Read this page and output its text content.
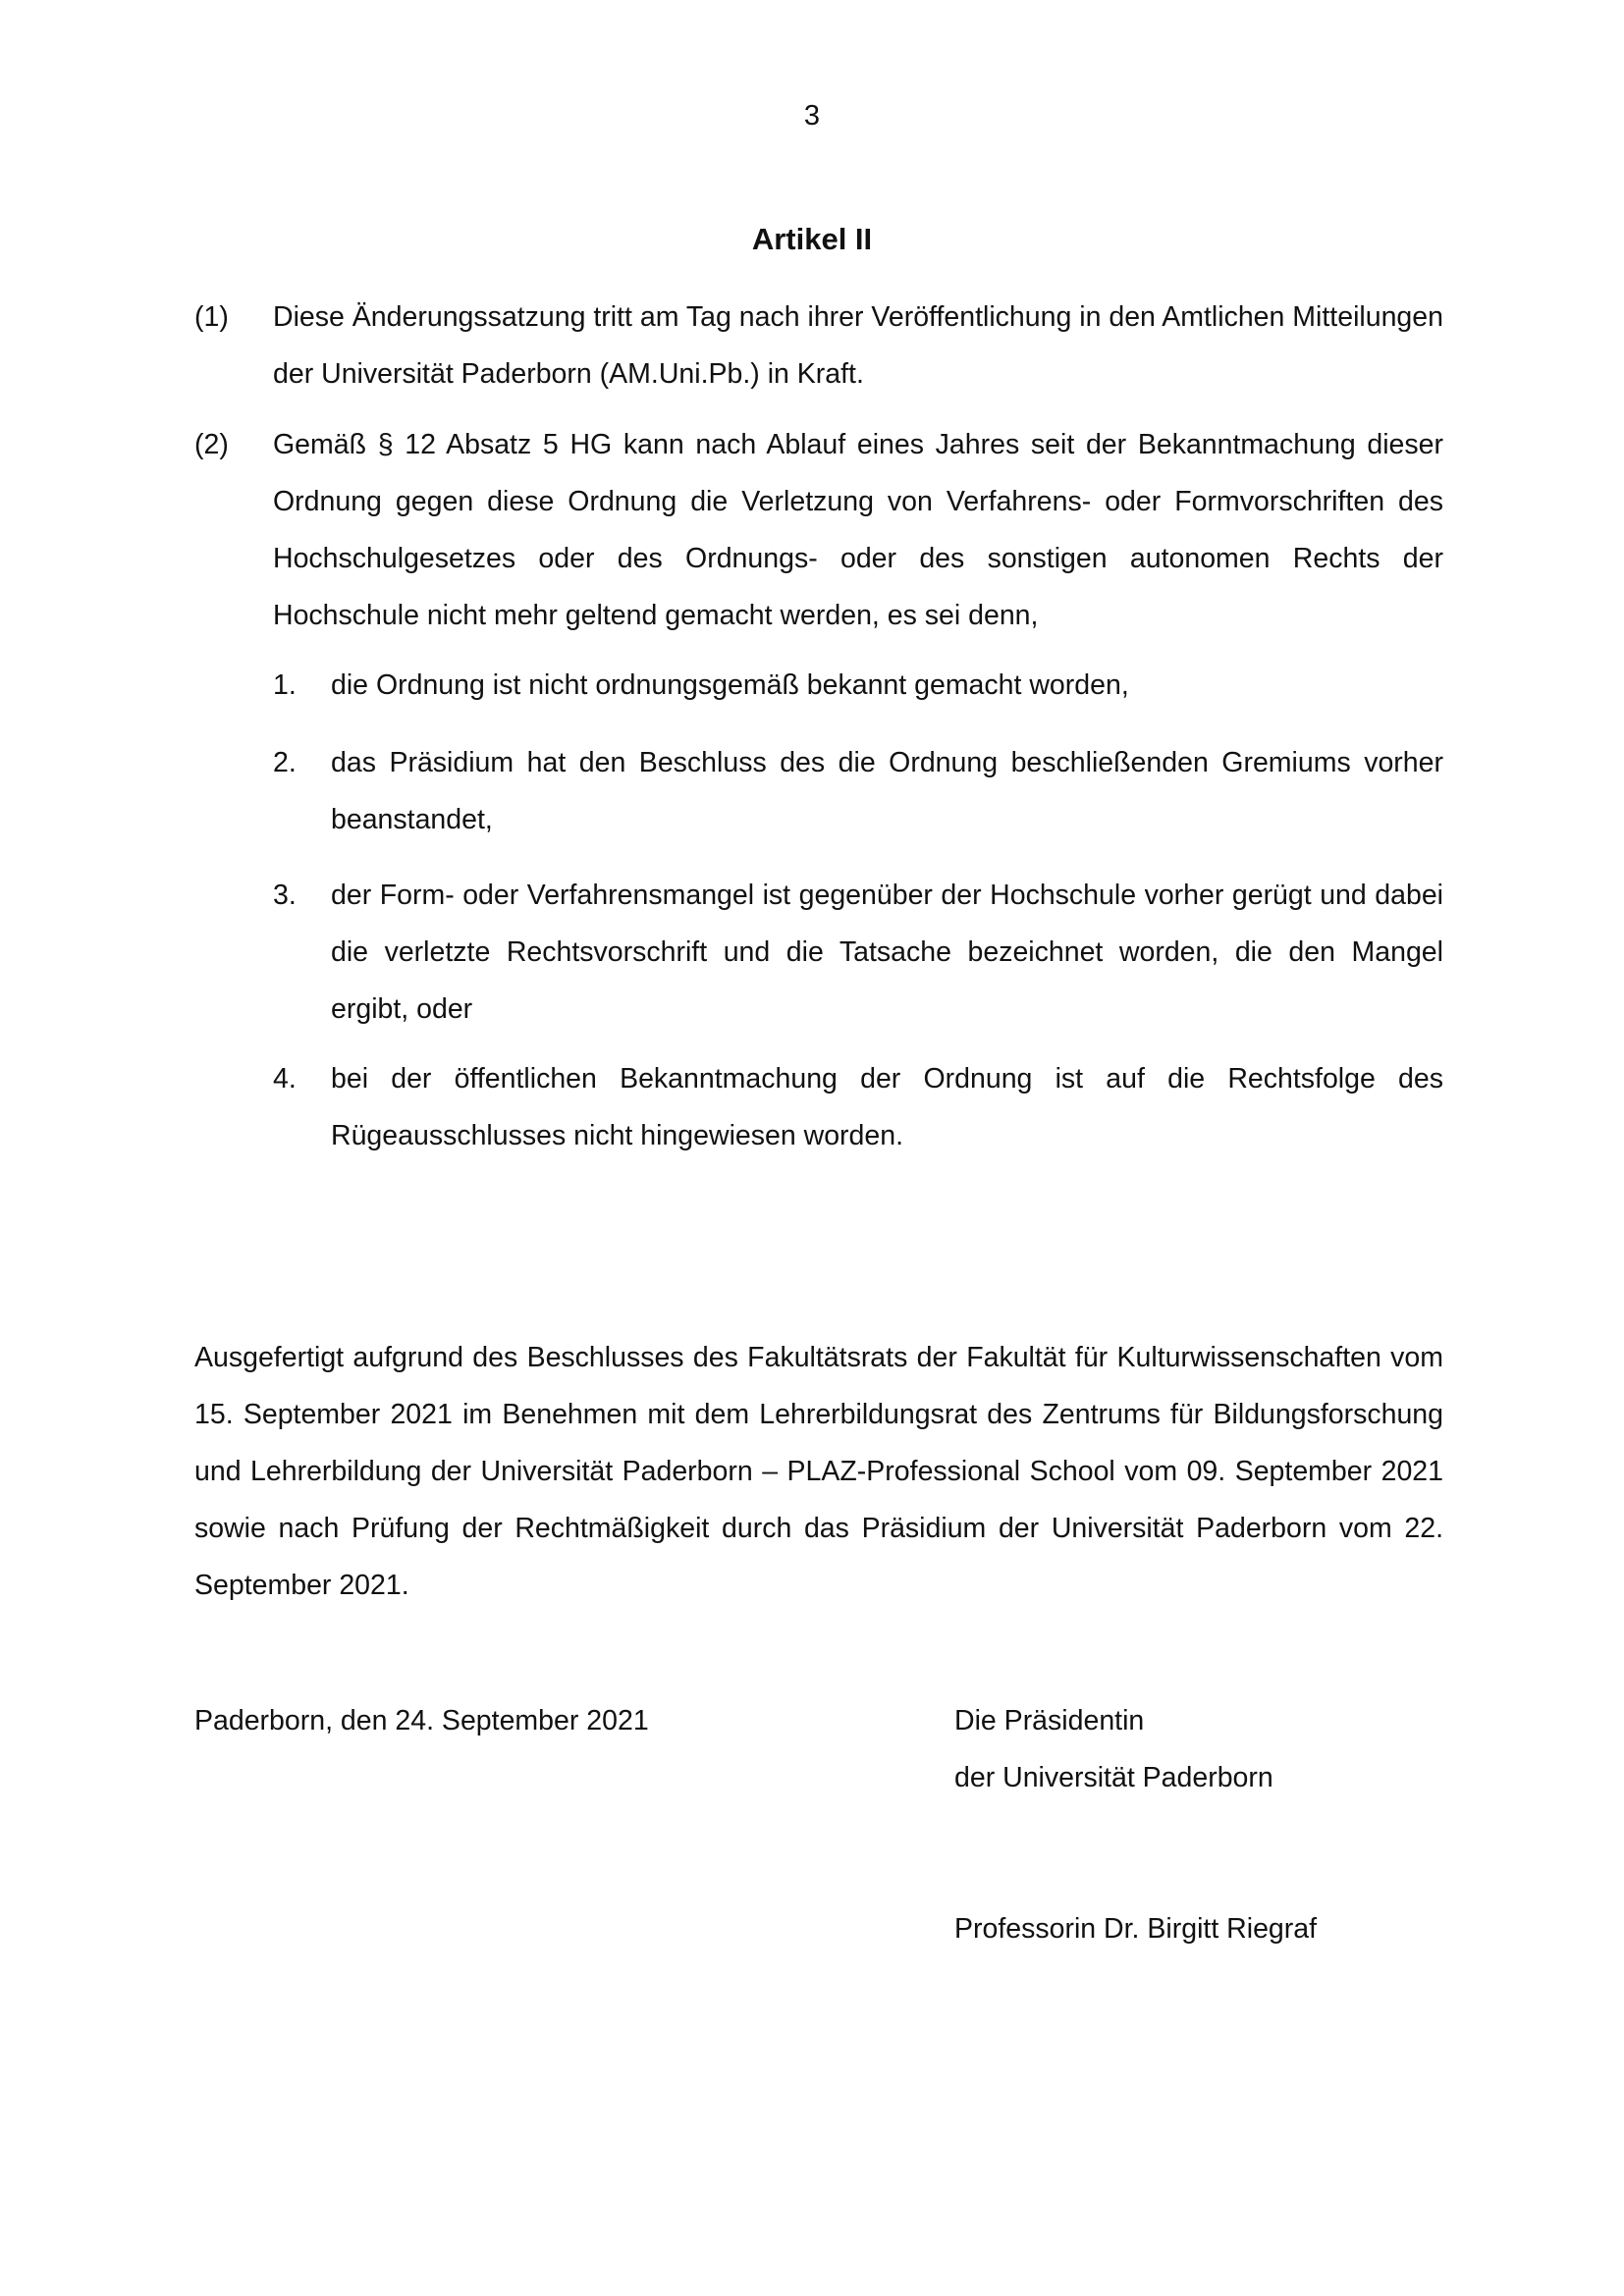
3
Artikel II
(1) Diese Änderungssatzung tritt am Tag nach ihrer Veröffentlichung in den Amtlichen Mitteilungen der Universität Paderborn (AM.Uni.Pb.) in Kraft.
(2) Gemäß § 12 Absatz 5 HG kann nach Ablauf eines Jahres seit der Bekanntmachung dieser Ordnung gegen diese Ordnung die Verletzung von Verfahrens- oder Formvorschriften des Hochschulgesetzes oder des Ordnungs- oder des sonstigen autonomen Rechts der Hochschule nicht mehr geltend gemacht werden, es sei denn,
1. die Ordnung ist nicht ordnungsgemäß bekannt gemacht worden,
2. das Präsidium hat den Beschluss des die Ordnung beschließenden Gremiums vorher beanstandet,
3. der Form- oder Verfahrensmangel ist gegenüber der Hochschule vorher gerügt und dabei die verletzte Rechtsvorschrift und die Tatsache bezeichnet worden, die den Mangel ergibt, oder
4. bei der öffentlichen Bekanntmachung der Ordnung ist auf die Rechtsfolge des Rügeausschlusses nicht hingewiesen worden.
Ausgefertigt aufgrund des Beschlusses des Fakultätsrats der Fakultät für Kulturwissenschaften vom 15. September 2021 im Benehmen mit dem Lehrerbildungsrat des Zentrums für Bildungsforschung und Lehrerbildung der Universität Paderborn – PLAZ-Professional School vom 09. September 2021 sowie nach Prüfung der Rechtmäßigkeit durch das Präsidium der Universität Paderborn vom 22. September 2021.
Paderborn, den 24. September 2021	Die Präsidentin
der Universität Paderborn
Professorin Dr. Birgitt Riegraf
